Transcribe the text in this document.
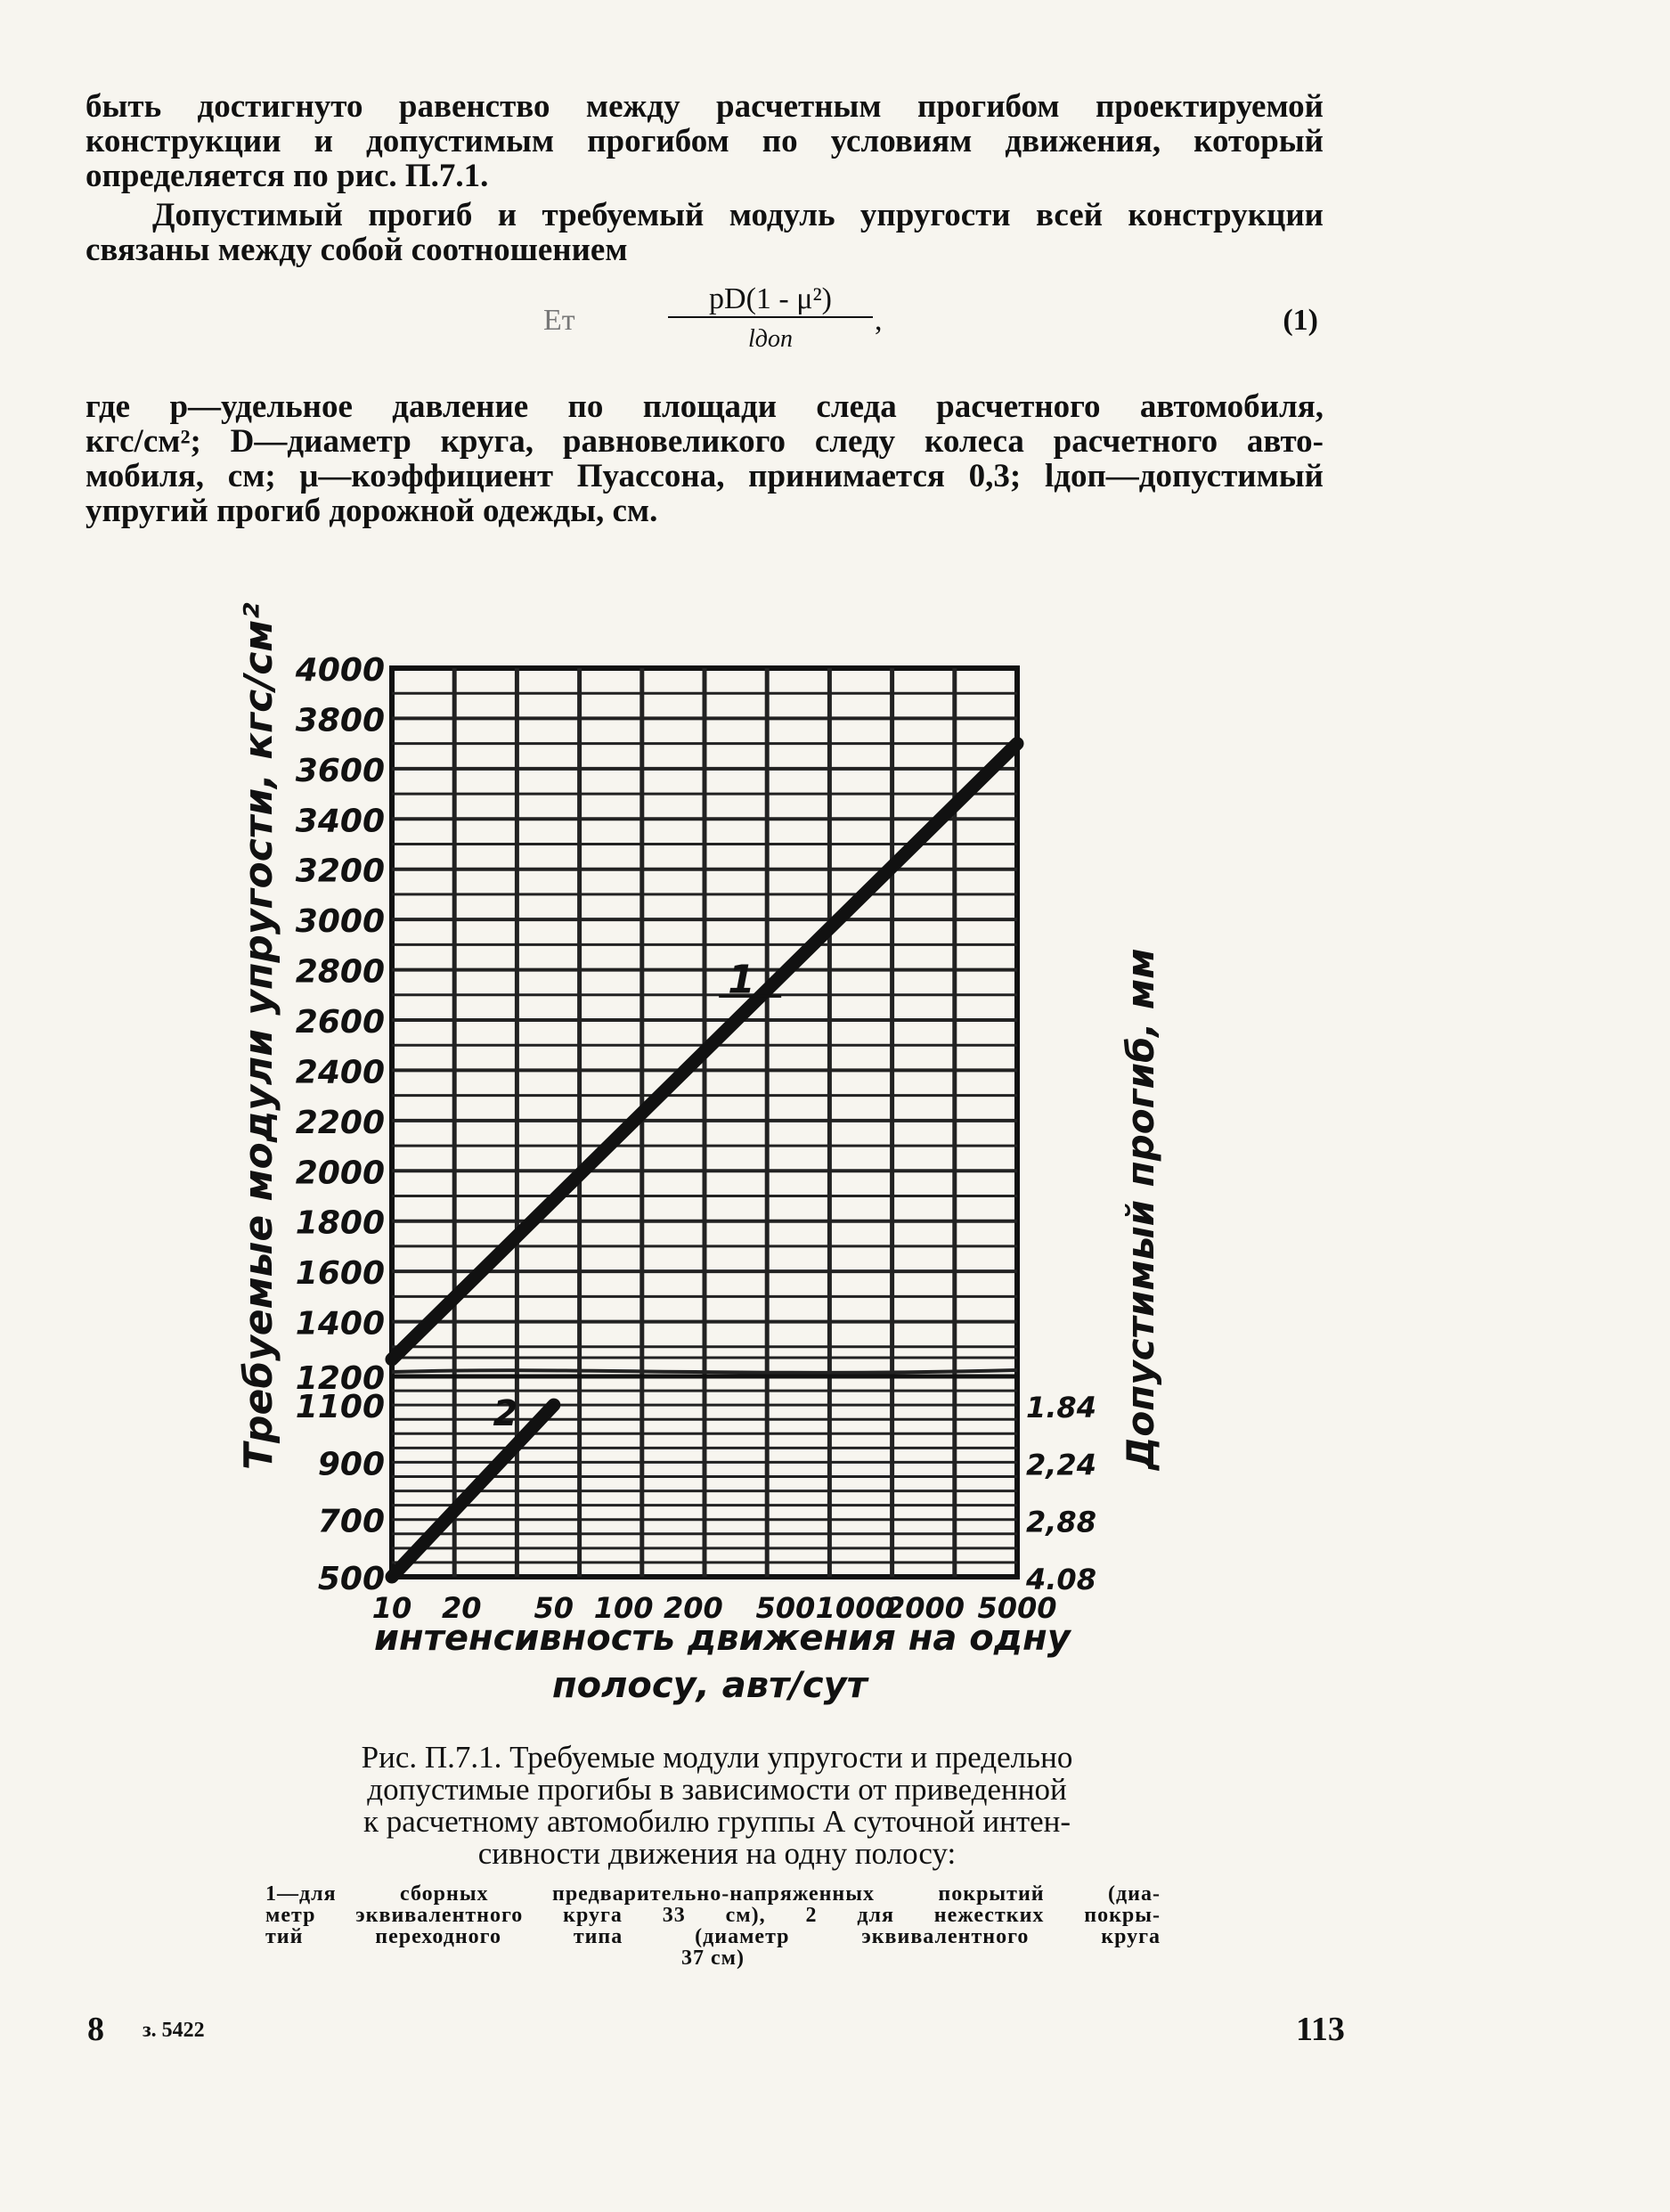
быть достигнуто равенство между расчетным прогибом проектируемой
конструкции и допустимым прогибом по условиям движения, который
определяется по рис. П.7.1.
Допустимый прогиб и требуемый модуль упругости всей конструкции
связаны между собой соотношением
Eт
pD(1 - μ²)
lдоп
,	(1)
где p—удельное давление по площади следа расчетного автомобиля,
кгс/см²; D—диаметр круга, равновеликого следу колеса расчетного авто-
мобиля, см; μ—коэффициент Пуассона, принимается 0,3; lдоп—допустимый
упругий прогиб дорожной одежды, см.
1
2
4000
3800
3600
3400
3200
3000
2800
2600
2400
2200
2000
1800
1600
1400
1200
1100
900
700
500
1.84
2,24
2,88
4.08
10 20 50 100 200 500 1000
2000 5000
Требуемые модули упругости, кгс/см²	Допустимый прогиб, мм
интенсивность движения на одну
полосу, авт/сут
Рис. П.7.1. Требуемые модули упругости и предельно
допустимые прогибы в зависимости от приведенной
к расчетному автомобилю группы А суточной интен-
сивности движения на одну полосу:
1—для сборных предварительно-напряженных покрытий (диа-
метр эквивалентного круга 33 см), 2 для нежестких покры-
тий переходного типа (диаметр эквивалентного круга
37 см)
8 з. 5422	113
